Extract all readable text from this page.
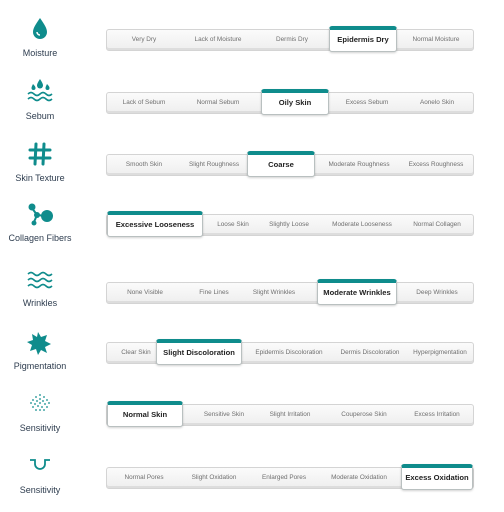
Moisture
Very Dry	Lack of Moisture	Dermis Dry	Epidermis Dry	Normal Moisture
Sebum
Lack of Sebum	Normal Sebum	Oily Skin	Excess Sebum	Aonelo Skin
Skin Texture
Smooth Skin	Slight Roughness	Coarse	Moderate Roughness	Excess Roughness
Collagen Fibers
Excessive Looseness	Loose Skin	Slightly Loose	Moderate Looseness	Normal Collagen
Wrinkles
None Visible	Fine Lines	Slight Wrinkles	Moderate Wrinkles	Deep Wrinkles
Pigmentation
Clear Skin	Slight Discoloration	Epidermis Discoloration	Dermis Discoloration	Hyperpigmentation
Sensitivity
Normal Skin	Sensitive Skin	Slight Irritation	Couperose Skin	Excess Irritation
Sensitivity
Normal Pores	Slight Oxidation	Enlarged Pores	Moderate Oxidation	Excess Oxidation
